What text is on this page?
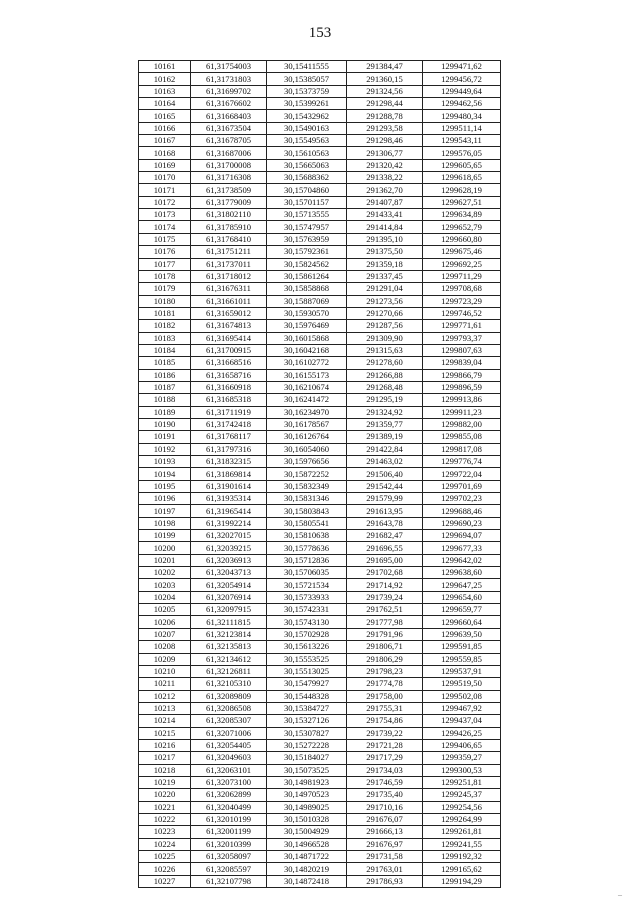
153
10161	61,31754003	30,15411555	291384,47	1299471,62
10162	61,31731803	30,15385057	291360,15	1299456,72
10163	61,31699702	30,15373759	291324,56	1299449,64
10164	61,31676602	30,15399261	291298,44	1299462,56
10165	61,31668403	30,15432962	291288,78	1299480,34
10166	61,31673504	30,15490163	291293,58	1299511,14
10167	61,31678705	30,15549563	291298,46	1299543,11
10168	61,31687006	30,15610563	291306,77	1299576,05
10169	61,31700008	30,15665063	291320,42	1299605,65
10170	61,31716308	30,15688362	291338,22	1299618,65
10171	61,31738509	30,15704860	291362,70	1299628,19
10172	61,31779009	30,15701157	291407,87	1299627,51
10173	61,31802110	30,15713555	291433,41	1299634,89
10174	61,31785910	30,15747957	291414,84	1299652,79
10175	61,31768410	30,15763959	291395,10	1299660,80
10176	61,31751211	30,15792361	291375,50	1299675,46
10177	61,31737011	30,15824562	291359,18	1299692,25
10178	61,31718012	30,15861264	291337,45	1299711,29
10179	61,31676311	30,15858868	291291,04	1299708,68
10180	61,31661011	30,15887069	291273,56	1299723,29
10181	61,31659012	30,15930570	291270,66	1299746,52
10182	61,31674813	30,15976469	291287,56	1299771,61
10183	61,31695414	30,16015868	291309,90	1299793,37
10184	61,31700915	30,16042168	291315,63	1299807,63
10185	61,31668516	30,16102772	291278,60	1299839,04
10186	61,31658716	30,16155173	291266,88	1299866,79
10187	61,31660918	30,16210674	291268,48	1299896,59
10188	61,31685318	30,16241472	291295,19	1299913,86
10189	61,31711919	30,16234970	291324,92	1299911,23
10190	61,31742418	30,16178567	291359,77	1299882,00
10191	61,31768117	30,16126764	291389,19	1299855,08
10192	61,31797316	30,16054060	291422,84	1299817,08
10193	61,31832315	30,15976656	291463,02	1299776,74
10194	61,31869814	30,15872252	291506,40	1299722,04
10195	61,31901614	30,15832349	291542,44	1299701,69
10196	61,31935314	30,15831346	291579,99	1299702,23
10197	61,31965414	30,15803843	291613,95	1299688,46
10198	61,31992214	30,15805541	291643,78	1299690,23
10199	61,32027015	30,15810638	291682,47	1299694,07
10200	61,32039215	30,15778636	291696,55	1299677,33
10201	61,32036913	30,15712836	291695,00	1299642,02
10202	61,32043713	30,15706035	291702,68	1299638,60
10203	61,32054914	30,15721534	291714,92	1299647,25
10204	61,32076914	30,15733933	291739,24	1299654,60
10205	61,32097915	30,15742331	291762,51	1299659,77
10206	61,32111815	30,15743130	291777,98	1299660,64
10207	61,32123814	30,15702928	291791,96	1299639,50
10208	61,32135813	30,15613226	291806,71	1299591,85
10209	61,32134612	30,15553525	291806,29	1299559,85
10210	61,32126811	30,15513025	291798,23	1299537,91
10211	61,32105310	30,15479927	291774,78	1299519,50
10212	61,32089809	30,15448328	291758,00	1299502,08
10213	61,32086508	30,15384727	291755,31	1299467,92
10214	61,32085307	30,15327126	291754,86	1299437,04
10215	61,32071006	30,15307827	291739,22	1299426,25
10216	61,32054405	30,15272228	291721,28	1299406,65
10217	61,32049603	30,15184027	291717,29	1299359,27
10218	61,32063101	30,15073525	291734,03	1299300,53
10219	61,32073100	30,14981923	291746,59	1299251,81
10220	61,32062899	30,14970523	291735,40	1299245,37
10221	61,32040499	30,14989025	291710,16	1299254,56
10222	61,32010199	30,15010328	291676,07	1299264,99
10223	61,32001199	30,15004929	291666,13	1299261,81
10224	61,32010399	30,14966528	291676,97	1299241,55
10225	61,32058097	30,14871722	291731,58	1299192,32
10226	61,32085597	30,14820219	291763,01	1299165,62
10227	61,32107798	30,14872418	291786,93	1299194,29
–
